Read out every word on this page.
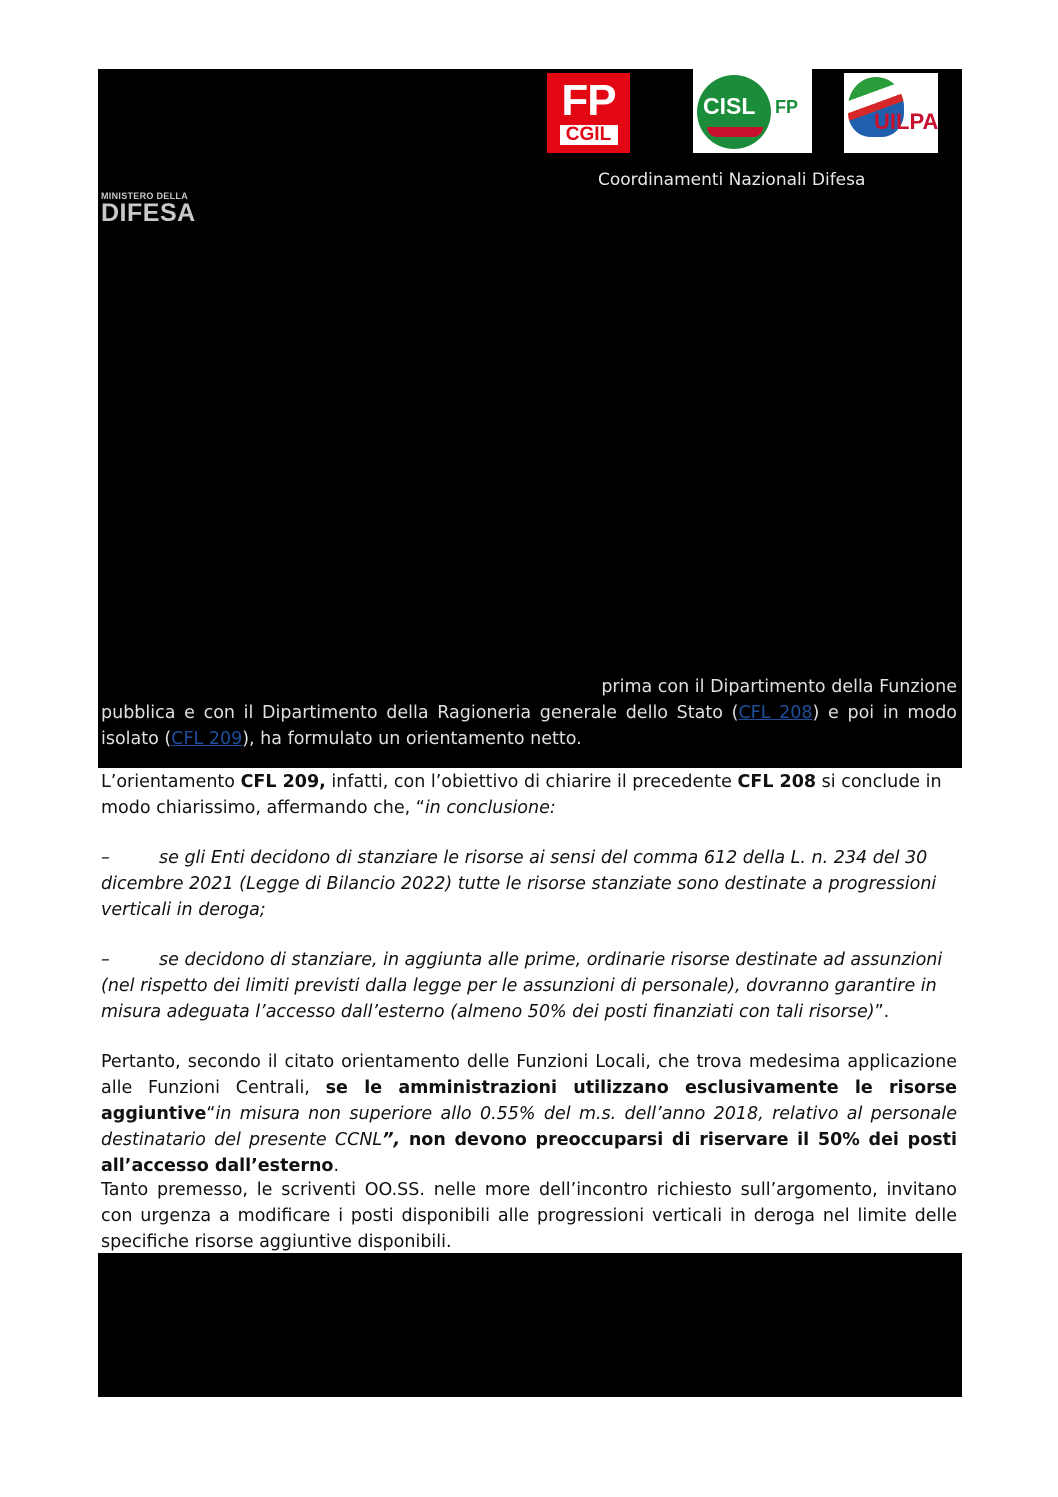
FP
CGIL
CISL FP
UILPA
Coordinamenti Nazionali Difesa
MINISTERO DELLA
DIFESA
prima con il Dipartimento della Funzione
pubblica e con il Dipartimento della Ragioneria generale dello Stato (CFL 208) e poi in modo isolato (CFL 209), ha formulato un orientamento netto.
L’orientamento CFL 209, infatti, con l’obiettivo di chiarire il precedente CFL 208 si conclude in modo chiarissimo, affermando che, “in conclusione:
–	se gli Enti decidono di stanziare le risorse ai sensi del comma 612 della L. n. 234 del 30 dicembre 2021 (Legge di Bilancio 2022) tutte le risorse stanziate sono destinate a progressioni verticali in deroga;
–	se decidono di stanziare, in aggiunta alle prime, ordinarie risorse destinate ad assunzioni (nel rispetto dei limiti previsti dalla legge per le assunzioni di personale), dovranno garantire in misura adeguata l’accesso dall’esterno (almeno 50% dei posti finanziati con tali risorse)”.
Pertanto, secondo il citato orientamento delle Funzioni Locali, che trova medesima applicazione alle Funzioni Centrali, se le amministrazioni utilizzano esclusivamente le risorse aggiuntive“in misura non superiore allo 0.55% del m.s. dell’anno 2018, relativo al personale destinatario del presente CCNL”, non devono preoccuparsi di riservare il 50% dei posti all’accesso dall’esterno.
Tanto premesso, le scriventi OO.SS. nelle more dell’incontro richiesto sull’argomento, invitano con urgenza a modificare i posti disponibili alle progressioni verticali in deroga nel limite delle specifiche risorse aggiuntive disponibili.
